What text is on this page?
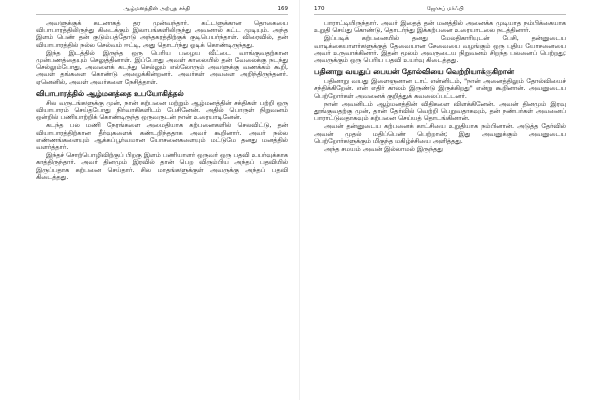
ஆழ்மனத்தின் அற்புத சக்தி	169

அவளுக்குக் கடனாகத் தர முன்வந்தார். கட்டளுக்கான தொகையை விபாபாரத்திலிருந்து கிடைக்கும் இலாபங்களிலிருந்து அவனால் கட்ட முடியும். அந்த இளம் பெண் தன் குடும்பத்தோடு அந்தகரத்திற்குக் குடிபெயர்ந்தாள். விரைவில், தன் வியாபாரத்தில் நல்ல செல்வம் ஈட்டி, அது தொடர்ந்து ஓடிக் கொண்டிருந்தது.

இந்த இடத்தில் இருந்த ஒரு பெரிய பழைய வீட்டை வாங்குவதற்கான முன்பணத்தையும் செலுத்தினாள். இப்போது அவள் காலையில் தன் வேலைக்கு நடந்து செல்லும்போது, அவளைக் கடந்து செல்லும் எல்லோரும் அவளுக்கு வணக்கம் கூறி, அவள் தங்களை கொண்டு அழைக்கின்றனர். அவர்கள் அவளை அறிந்திருந்தனர். ஏனெனில், அவள் அவர்களை நேசித்தாள்.

விபாபாரத்தில் ஆழ்மனத்தை உபயோகித்தல்

சில வருடங்களுக்கு முன், நான் கற்பனை மற்றும் ஆழ்மனத்தின் சக்திகள் பற்றி ஒரு வியாபாரம் செய்தபோது நிர்வாகிகளிடம் பேசினேன். அதில் பொருள் நிறுவனம் ஒன்றில் பணியாற்றிக் கொண்டிருந்த ஒருவருடன் நான் உரையாடினேன்.

கடந்த பல மணி நேரங்களை அமைதியாக கற்பனைகளில் செலவிட்டு, தன் வியாபாரத்திற்கான தீர்வுகளைக் கண்டறிந்ததாக அவர் கூறினார். அவர் நல்ல எண்ணங்களையும் ஆக்கப்பூர்வமான யோசனைகளையும் மட்டுமே தனது மனத்தில் வளர்த்தார்.

இந்தச் சொற்பொழிவிற்குப் பிறகு இளம் பணியாளர் ஒருவர் ஒரு பதவி உயர்வுக்காக காத்திருந்தார். அவர் தினமும் இரவில் தான் பெற விரும்பிய அந்தப் பதவியில் இருப்பதாக கற்பனை செய்தார். சில மாதங்களுக்குள் அவருக்கு அந்தப் பதவி கிடைத்தது.

170	ஜோசப் மர்ஃபி

பாராட்டியிருந்தார். அவர் இதைத் தன் மனத்தில் அனைக்க முடியாத நம்பிக்கையாக உறுதி செய்து கொண்டு, தொடர்ந்து இக்கற்பனை உரையாடலை நடத்தினார்.

இப்படிக் கற்பனையில் தனது மேலதிகாரியுடன் பேசி, தன்னுடைய வாடிக்கையாளர்களுக்குத் தேவையான சேவையை வழங்கும் ஒரு புதிய யோசனையை அவர் உருவாக்கினார். இதன் மூலம் அவருடைய நிறுவனம் சிறந்த பலனைப் பெற்றது; அவருக்கும் ஒரு பெரிய பதவி உயர்வு கிடைத்தது.

பதினாறு வயதுப் பையன் தோல்வியை வெற்றியாக்குகிறான்

பதினாறு வயது இளைஞனான டாட் என்னிடம், "நான் அனைத்திலும் தோல்வியைச் சந்திக்கிறேன். என் எதிர் காலம் இருண்டு இருக்கிறது" என்று கூறினான். அவனுடைய பெற்றோர்கள் அவனைக் குறித்துக் கவலைப்பட்டனர்.

நான் அவனிடம் ஆழ்மனத்தின் விதிகளை விளக்கினேன். அவன் தினமும் இரவு தூங்குவதற்கு முன், தான் தேர்வில் வெற்றி பெறுவதாகவும், தன் நண்பர்கள் அவனைப் பாராட்டுவதாகவும் கற்பனை செய்யத் தொடங்கினான்.

அவன் தன்னுடைய கற்பனைக் காட்சியை உறுதியாக நம்பினான். அடுத்த தேர்வில் அவன் முதல் மதிப்பெண் பெற்றான்; இது அவனுக்கும் அவனுடைய பெற்றோர்களுக்கும் மிகுந்த மகிழ்ச்சியை அளித்தது.

அந்த சமயம் அவன் இல்லாமல் இருந்தது
